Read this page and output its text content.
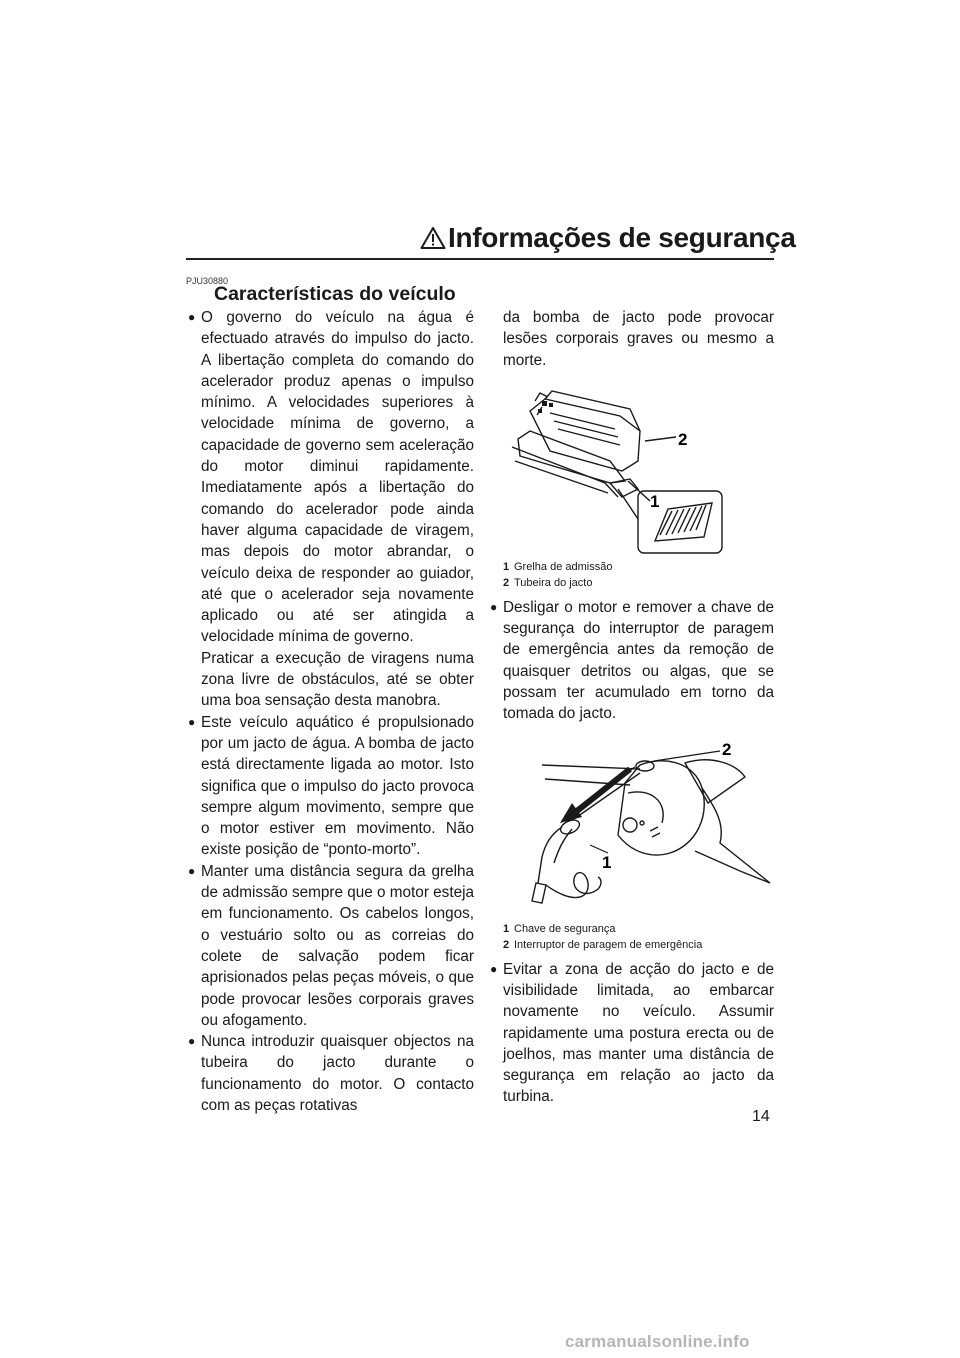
Informações de segurança
PJU30880
Características do veículo
● O governo do veículo na água é efectuado através do impulso do jacto. A libertação completa do comando do acelerador produz apenas o impulso mínimo. A velocidades superiores à velocidade mínima de governo, a capacidade de governo sem aceleração do motor diminui rapidamente. Imediatamente após a libertação do comando do acelerador pode ainda haver alguma capacidade de viragem, mas depois do motor abrandar, o veículo deixa de responder ao guiador, até que o acelerador seja novamente aplicado ou até ser atingida a velocidade mínima de governo.
Praticar a execução de viragens numa zona livre de obstáculos, até se obter uma boa sensação desta manobra.
● Este veículo aquático é propulsionado por um jacto de água. A bomba de jacto está directamente ligada ao motor. Isto significa que o impulso do jacto provoca sempre algum movimento, sempre que o motor estiver em movimento. Não existe posição de “ponto-morto”.
● Manter uma distância segura da grelha de admissão sempre que o motor esteja em funcionamento. Os cabelos longos, o vestuário solto ou as correias do colete de salvação podem ficar aprisionados pelas peças móveis, o que pode provocar lesões corporais graves ou afogamento.
● Nunca introduzir quaisquer objectos na tubeira do jacto durante o funcionamento do motor. O contacto com as peças rotativas
da bomba de jacto pode provocar lesões corporais graves ou mesmo a morte.
2
1
1 Grelha de admissão
2 Tubeira do jacto
● Desligar o motor e remover a chave de segurança do interruptor de paragem de emergência antes da remoção de quaisquer detritos ou algas, que se possam ter acumulado em torno da tomada do jacto.
2
1
1 Chave de segurança
2 Interruptor de paragem de emergência
● Evitar a zona de acção do jacto e de visibilidade limitada, ao embarcar novamente no veículo. Assumir rapidamente uma postura erecta ou de joelhos, mas manter uma distância de segurança em relação ao jacto da turbina.
14
carmanualsonline.info
